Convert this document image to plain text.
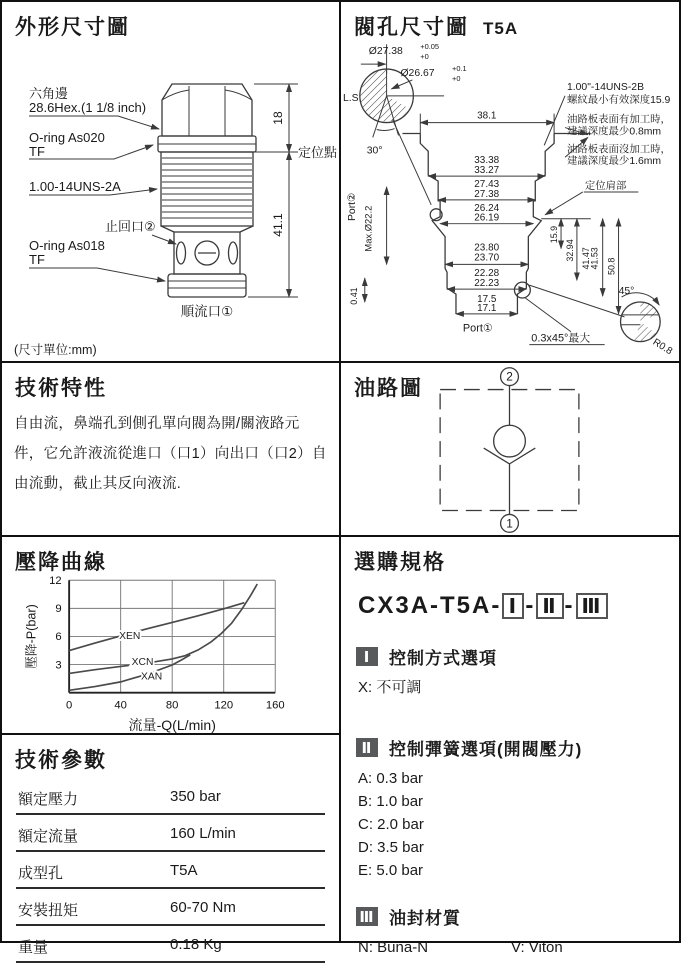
外形尺寸圖
六角邊
28.6Hex.(1 1/8 inch)
O-ring As020
TF
1.00-14UNS-2A
止回口②
O-ring As018
TF
順流口①
18
41.1
定位點
(尺寸單位:mm)
技術特性
自由流，鼻端孔到側孔單向閥為開/關液路元件，它允許液流從進口（口1）向出口（口2）自由流動，截止其反向液流.
壓降曲線
XEN
XCN
XAN
3
6
9
12
0	40	80	120	160
壓降-P(bar)
流量-Q(L/min)
技術參數
額定壓力	350 bar
額定流量	160 L/min
成型孔	T5A
安裝扭矩	60-70 Nm
重量	0.18 Kg
閥孔尺寸圖 T5A
38.1
33.38
33.27
27.43
27.38
26.24
26.19
23.80
23.70
22.28
22.23
17.5
17.1
15.9
32.94 41.47
41.53 50.8
Port② Max.Ø22.2
0.41
Ø27.38 +0.05
+0
Ø26.67 +0.1
+0
L.S.
30°
1.00"-14UNS-2B
螺紋最小有效深度15.9
油路板表面有加工時，
建議深度最少0.8mm
油路板表面沒加工時，
建議深度最少1.6mm
定位肩部
Port①
0.3x45°最大
45°
R0.8
油路圖
2
1
選購規格
CX3A-T5A - Ⅰ - Ⅱ - Ⅲ
Ⅰ	控制方式選項
X: 不可調
Ⅱ 控制彈簧選項(開閥壓力)
A: 0.3 bar
B: 1.0 bar
C: 2.0 bar
D: 3.5 bar
E: 5.0 bar
Ⅲ 油封材質
N: Buna-N	V: Viton
